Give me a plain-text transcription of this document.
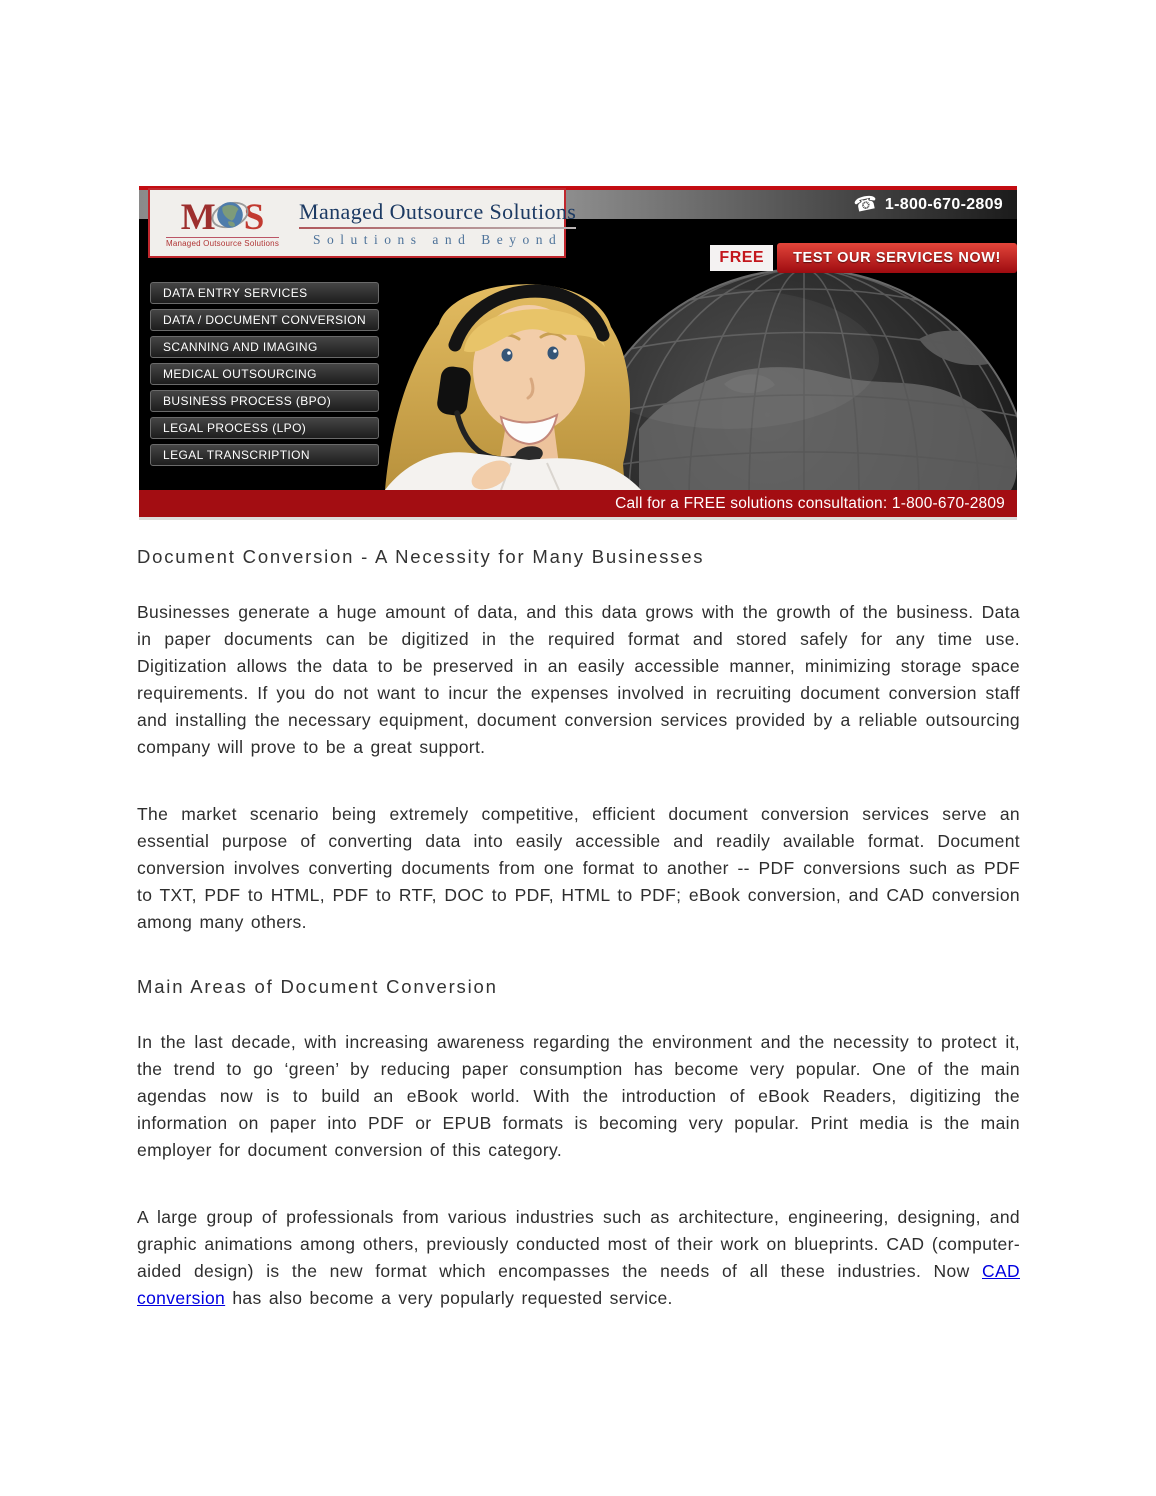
☎ 1-800-670-2809
M S
Managed Outsource Solutions
Managed Outsource Solutions
Solutions and Beyond
FREE	TEST OUR SERVICES NOW!
DATA ENTRY SERVICES
DATA / DOCUMENT CONVERSION
SCANNING AND IMAGING
MEDICAL OUTSOURCING
BUSINESS PROCESS (BPO)
LEGAL PROCESS (LPO)
LEGAL TRANSCRIPTION
Call for a FREE solutions consultation: 1-800-670-2809
Document Conversion - A Necessity for Many Businesses

Businesses generate a huge amount of data, and this data grows with the growth of the business. Data in paper documents can be digitized in the required format and stored safely for any time use. Digitization allows the data to be preserved in an easily accessible manner, minimizing storage space requirements. If you do not want to incur the expenses involved in recruiting document conversion staff and installing the necessary equipment, document conversion services provided by a reliable outsourcing company will prove to be a great support.

The market scenario being extremely competitive, efficient document conversion services serve an essential purpose of converting data into easily accessible and readily available format. Document conversion involves converting documents from one format to another -- PDF conversions such as PDF to TXT, PDF to HTML, PDF to RTF, DOC to PDF, HTML to PDF; eBook conversion, and CAD conversion among many others.

Main Areas of Document Conversion

In the last decade, with increasing awareness regarding the environment and the necessity to protect it, the trend to go ‘green’ by reducing paper consumption has become very popular. One of the main agendas now is to build an eBook world. With the introduction of eBook Readers, digitizing the information on paper into PDF or EPUB formats is becoming very popular. Print media is the main employer for document conversion of this category.

A large group of professionals from various industries such as architecture, engineering, designing, and graphic animations among others, previously conducted most of their work on blueprints. CAD (computer-aided design) is the new format which encompasses the needs of all these industries. Now CAD conversion has also become a very popularly requested service.
